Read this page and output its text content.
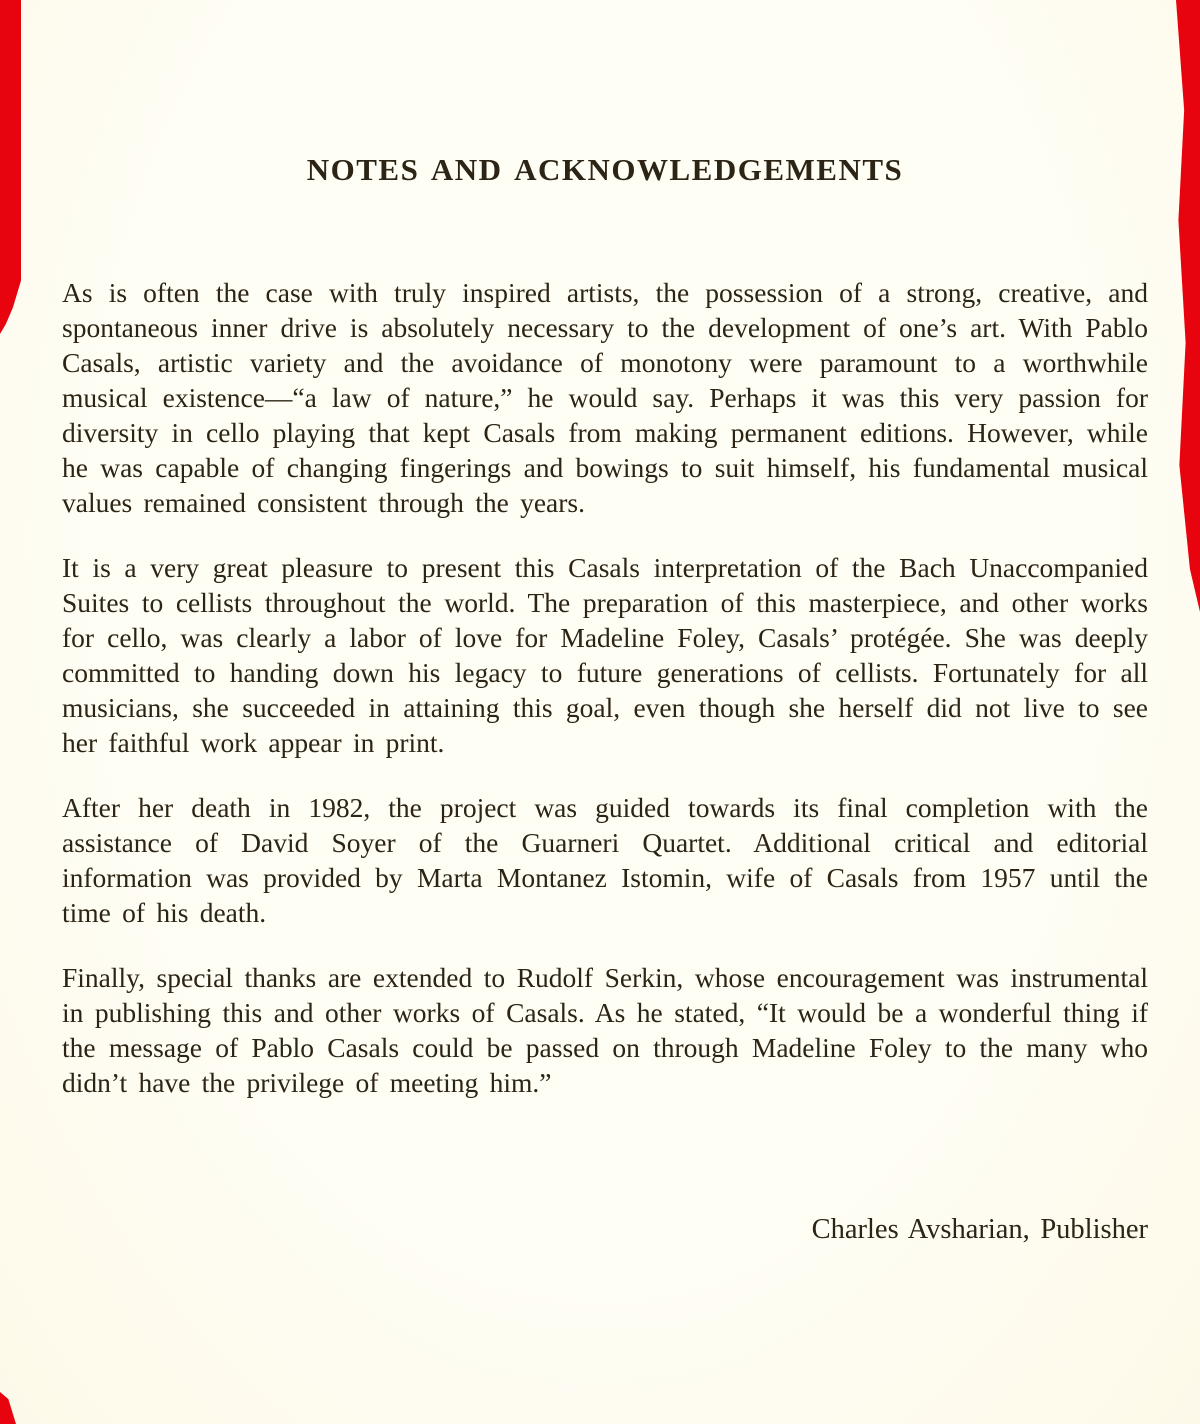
NOTES AND ACKNOWLEDGEMENTS

As is often the case with truly inspired artists, the possession of a strong, creative, and spontaneous inner drive is absolutely necessary to the development of one’s art. With Pablo Casals, artistic variety and the avoidance of monotony were paramount to a worthwhile musical existence—“a law of nature,” he would say. Perhaps it was this very passion for diversity in cello playing that kept Casals from making permanent editions. However, while he was capable of changing fingerings and bowings to suit himself, his fundamental musical values remained consistent through the years.

It is a very great pleasure to present this Casals interpretation of the Bach Unaccompanied Suites to cellists throughout the world. The preparation of this masterpiece, and other works for cello, was clearly a labor of love for Madeline Foley, Casals’ protégée. She was deeply committed to handing down his legacy to future generations of cellists. Fortunately for all musicians, she succeeded in attaining this goal, even though she herself did not live to see her faithful work appear in print.

After her death in 1982, the project was guided towards its final completion with the assistance of David Soyer of the Guarneri Quartet. Additional critical and editorial information was provided by Marta Montanez Istomin, wife of Casals from 1957 until the time of his death.

Finally, special thanks are extended to Rudolf Serkin, whose encouragement was instrumental in publishing this and other works of Casals. As he stated, “It would be a wonderful thing if the message of Pablo Casals could be passed on through Madeline Foley to the many who didn’t have the privilege of meeting him.”

Charles Avsharian, Publisher
